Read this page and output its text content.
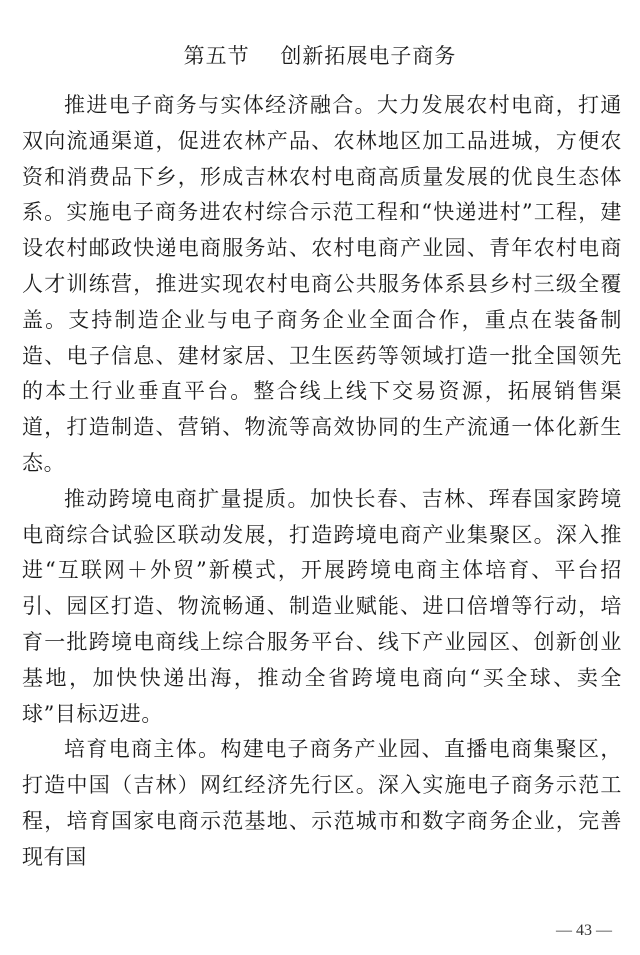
第五节    创新拓展电子商务

推进电子商务与实体经济融合。大力发展农村电商，打通双向流通渠道，促进农林产品、农林地区加工品进城，方便农资和消费品下乡，形成吉林农村电商高质量发展的优良生态体系。实施电子商务进农村综合示范工程和“快递进村”工程，建设农村邮政快递电商服务站、农村电商产业园、青年农村电商人才训练营，推进实现农村电商公共服务体系县乡村三级全覆盖。支持制造企业与电子商务企业全面合作，重点在装备制造、电子信息、建材家居、卫生医药等领域打造一批全国领先的本土行业垂直平台。整合线上线下交易资源，拓展销售渠道，打造制造、营销、物流等高效协同的生产流通一体化新生态。

推动跨境电商扩量提质。加快长春、吉林、珲春国家跨境电商综合试验区联动发展，打造跨境电商产业集聚区。深入推进“互联网＋外贸”新模式，开展跨境电商主体培育、平台招引、园区打造、物流畅通、制造业赋能、进口倍增等行动，培育一批跨境电商线上综合服务平台、线下产业园区、创新创业基地，加快快递出海，推动全省跨境电商向“买全球、卖全球”目标迈进。

培育电商主体。构建电子商务产业园、直播电商集聚区，打造中国（吉林）网红经济先行区。深入实施电子商务示范工程，培育国家电商示范基地、示范城市和数字商务企业，完善现有国

— 43 —
